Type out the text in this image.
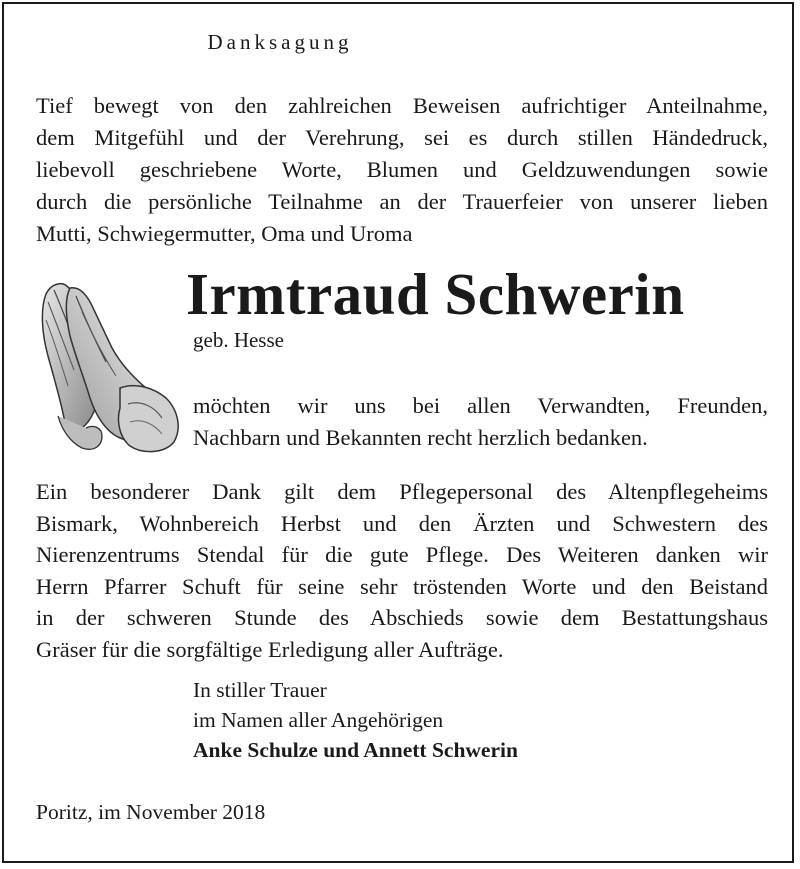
Danksagung
Tief bewegt von den zahlreichen Beweisen aufrichtiger Anteilnahme,
dem Mitgefühl und der Verehrung, sei es durch stillen Händedruck,
liebevoll geschriebene Worte, Blumen und Geldzuwendungen sowie
durch die persönliche Teilnahme an der Trauerfeier von unserer lieben
Mutti, Schwiegermutter, Oma und Uroma
Irmtraud Schwerin
geb. Hesse
möchten wir uns bei allen Verwandten, Freunden,
Nachbarn und Bekannten recht herzlich bedanken.
Ein besonderer Dank gilt dem Pflegepersonal des Altenpflegeheims
Bismark, Wohnbereich Herbst und den Ärzten und Schwestern des
Nierenzentrums Stendal für die gute Pflege. Des Weiteren danken wir
Herrn Pfarrer Schuft für seine sehr tröstenden Worte und den Beistand
in der schweren Stunde des Abschieds sowie dem Bestattungshaus
Gräser für die sorgfältige Erledigung aller Aufträge.
In stiller Trauer
im Namen aller Angehörigen
Anke Schulze und Annett Schwerin
Poritz, im November 2018
